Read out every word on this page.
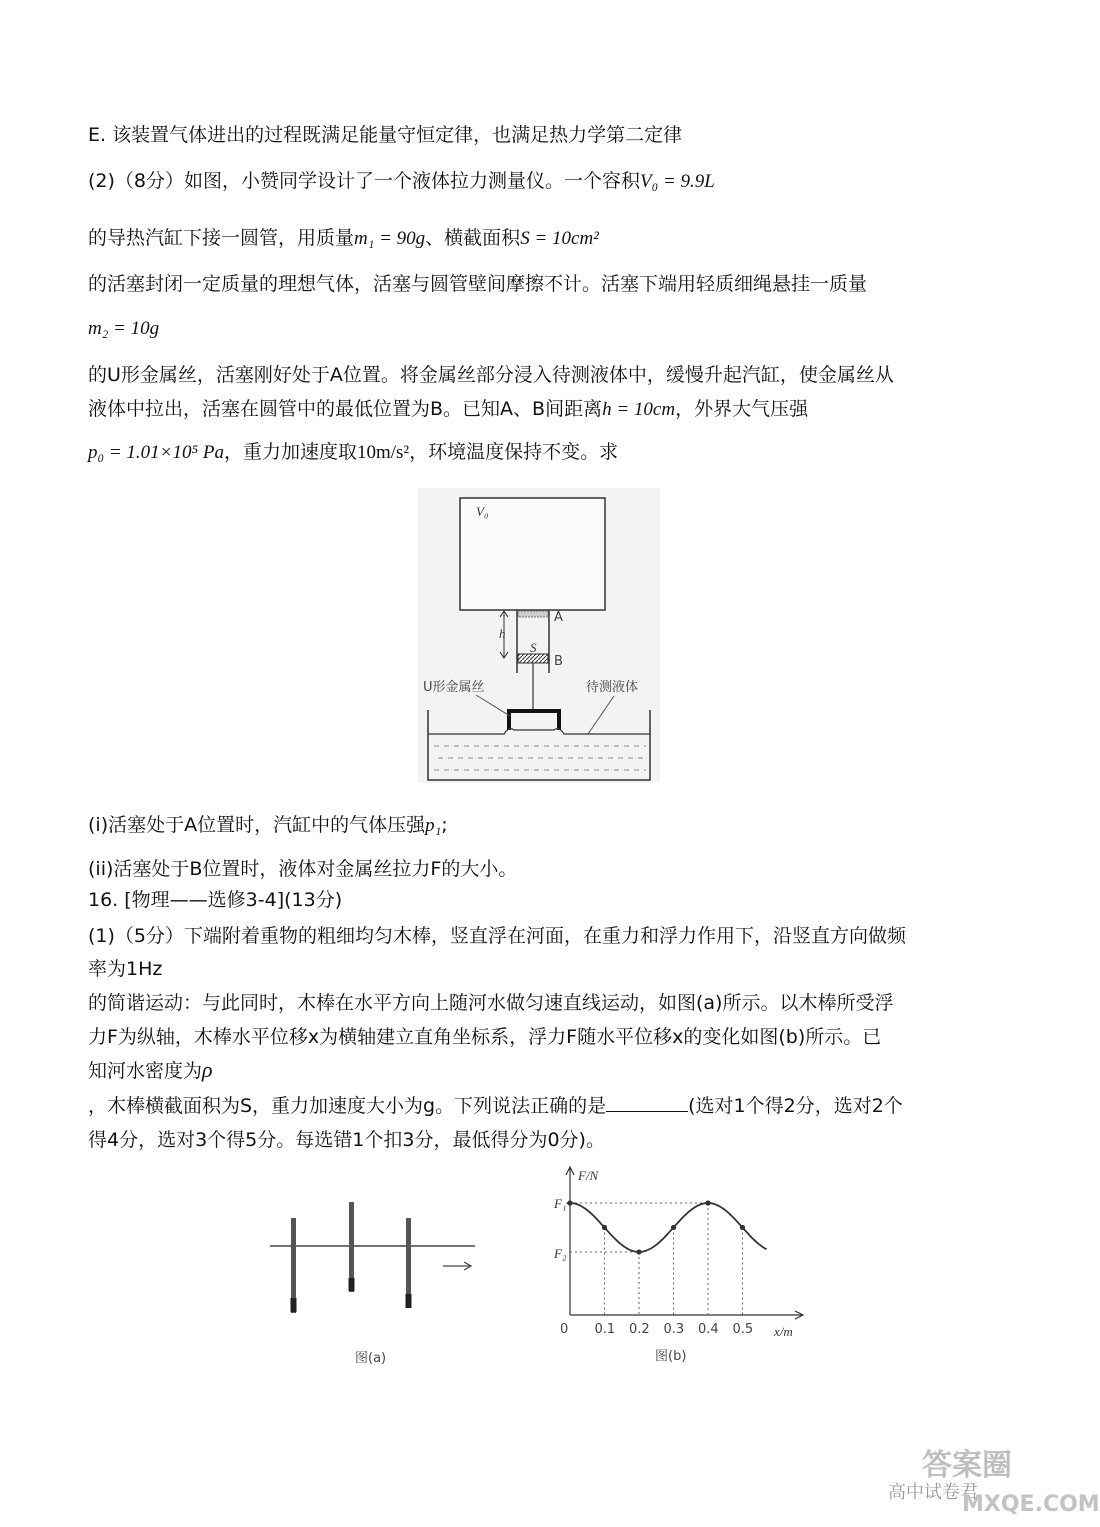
E. 该装置气体进出的过程既满足能量守恒定律，也满足热力学第二定律
(2)（8分）如图，小赞同学设计了一个液体拉力测量仪。一个容积V₀ = 9.9L
的导热汽缸下接一圆管，用质量m₁ = 90g、横截面积S = 10cm²
的活塞封闭一定质量的理想气体，活塞与圆管壁间摩擦不计。活塞下端用轻质细绳悬挂一质量
m₂ = 10g
的U形金属丝，活塞刚好处于A位置。将金属丝部分浸入待测液体中，缓慢升起汽缸，使金属丝从
液体中拉出，活塞在圆管中的最低位置为B。已知A、B间距离h = 10cm，外界大气压强
p₀ = 1.01×10⁵ Pa，重力加速度取10m/s²，环境温度保持不变。求
V₀
A
S
B
h
U形金属丝	待测液体
(i)活塞处于A位置时，汽缸中的气体压强p₁;
(ii)活塞处于B位置时，液体对金属丝拉力F的大小。
16. [物理——选修3-4](13分)
(1)（5分）下端附着重物的粗细均匀木棒，竖直浮在河面，在重力和浮力作用下，沿竖直方向做频
率为1Hz
的简谐运动：与此同时，木棒在水平方向上随河水做匀速直线运动，如图(a)所示。以木棒所受浮
力F为纵轴，木棒水平位移x为横轴建立直角坐标系，浮力F随水平位移x的变化如图(b)所示。已
知河水密度为ρ
，木棒横截面积为S，重力加速度大小为g。下列说法正确的是	(选对1个得2分，选对2个
得4分，选对3个得5分。每选错1个扣3分，最低得分为0分)。
图(a)
F/N
x/m
0
F₁
F₂
0.1 0.2 0.3 0.4 0.5
图(b)
答案圈
高中试卷君
MXQE.COM
